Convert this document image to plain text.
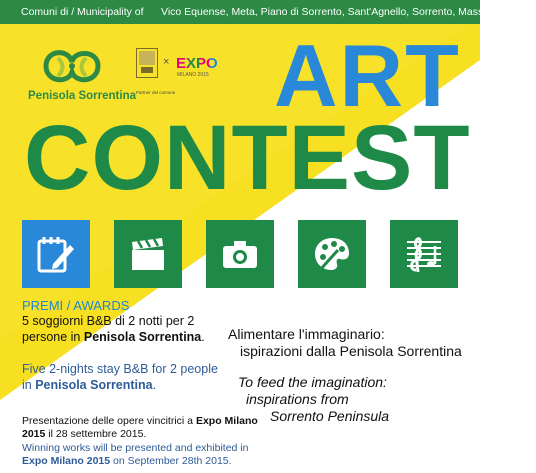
Comuni di / Municipality of Vico Equense, Meta, Piano di Sorrento, Sant'Agnello, Sorrento, Massa Lubrense
Penisola Sorrentina
× EXPO
MILANO 2015
Partner del comune ART
CONTEST
PREMI / AWARDS
5 soggiorni B&B di 2 notti per 2 persone in Penisola Sorrentina.
Five 2-nights stay B&B for 2 people in Penisola Sorrentina.
Presentazione delle opere vincitrici a Expo Milano 2015 il 28 settembre 2015.
Winning works will be presented and exhibited in Expo Milano 2015 on September 28th 2015.
Alimentare l'immaginario:
ispirazioni dalla Penisola Sorrentina
To feed the imagination:
inspirations from
Sorrento Peninsula
